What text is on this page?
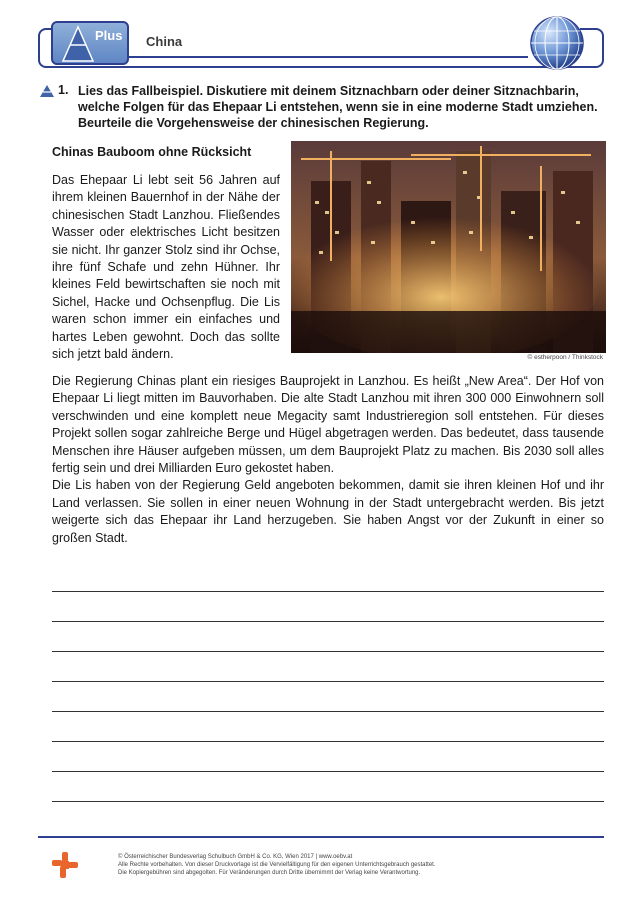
Plus China
1. Lies das Fallbeispiel. Diskutiere mit deinem Sitznachbarn oder deiner Sitznachbarin, welche Folgen für das Ehepaar Li entstehen, wenn sie in eine moderne Stadt umziehen. Beurteile die Vorgehensweise der chinesischen Regierung.
Chinas Bauboom ohne Rücksicht
© estherpoon / Thinkstock

Das Ehepaar Li lebt seit 56 Jahren auf ihrem kleinen Bauernhof in der Nähe der chinesischen Stadt Lanzhou. Fließendes Wasser oder elektrisches Licht besitzen sie nicht. Ihr ganzer Stolz sind ihr Ochse, ihre fünf Schafe und zehn Hühner. Ihr kleines Feld bewirtschaften sie noch mit Sichel, Hacke und Ochsenpflug. Die Lis waren schon immer ein einfaches und hartes Leben gewohnt. Doch das sollte sich jetzt bald ändern.

Die Regierung Chinas plant ein riesiges Bauprojekt in Lanzhou. Es heißt „New Area“. Der Hof von Ehepaar Li liegt mitten im Bauvorhaben. Die alte Stadt Lanzhou mit ihren 300 000 Einwohnern soll verschwinden und eine komplett neue Megacity samt Industrieregion soll entstehen. Für dieses Projekt sollen sogar zahlreiche Berge und Hügel abgetragen werden. Das bedeutet, dass tausende Menschen ihre Häuser aufgeben müssen, um dem Bauprojekt Platz zu machen. Bis 2030 soll alles fertig sein und drei Milliarden Euro gekostet haben.

Die Lis haben von der Regierung Geld angeboten bekommen, damit sie ihren kleinen Hof und ihr Land verlassen. Sie sollen in einer neuen Wohnung in der Stadt untergebracht werden. Bis jetzt weigerte sich das Ehepaar ihr Land herzugeben. Sie haben Angst vor der Zukunft in einer so großen Stadt.

© Österreichischer Bundesverlag Schulbuch GmbH & Co. KG, Wien 2017 | www.oebv.at
Alle Rechte vorbehalten. Von dieser Druckvorlage ist die Vervielfältigung für den eigenen Unterrichtsgebrauch gestattet.
Die Kopiergebühren sind abgegolten. Für Veränderungen durch Dritte übernimmt der Verlag keine Verantwortung.
